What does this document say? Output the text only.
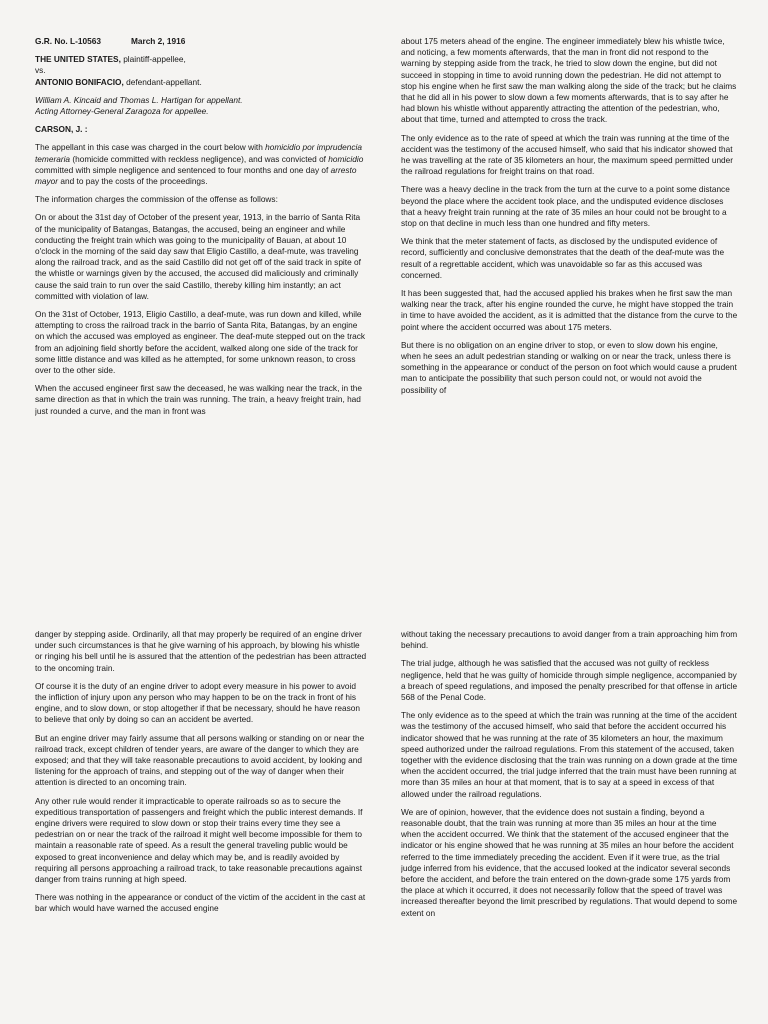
G.R. No. L-10563	March 2, 1916

THE UNITED STATES, plaintiff-appellee,
vs.
ANTONIO BONIFACIO, defendant-appellant.

William A. Kincaid and Thomas L. Hartigan for appellant.
Acting Attorney-General Zaragoza for appellee.

CARSON, J. :

The appellant in this case was charged in the court below with homicidio por imprudencia temeraria (homicide committed with reckless negligence), and was convicted of homicidio committed with simple negligence and sentenced to four months and one day of arresto mayor and to pay the costs of the proceedings.

The information charges the commission of the offense as follows:

On or about the 31st day of October of the present year, 1913, in the barrio of Santa Rita of the municipality of Batangas, Batangas, the accused, being an engineer and while conducting the freight train which was going to the municipality of Bauan, at about 10 o'clock in the morning of the said day saw that Eligio Castillo, a deaf-mute, was traveling along the railroad track, and as the said Castillo did not get off of the said track in spite of the whistle or warnings given by the accused, the accused did maliciously and criminally cause the said train to run over the said Castillo, thereby killing him instantly; an act committed with violation of law.

On the 31st of October, 1913, Eligio Castillo, a deaf-mute, was run down and killed, while attempting to cross the railroad track in the barrio of Santa Rita, Batangas, by an engine on which the accused was employed as engineer. The deaf-mute stepped out on the track from an adjoining field shortly before the accident, walked along one side of the track for some little distance and was killed as he attempted, for some unknown reason, to cross over to the other side.

When the accused engineer first saw the deceased, he was walking near the track, in the same direction as that in which the train was running. The train, a heavy freight train, had just rounded a curve, and the man in front was

about 175 meters ahead of the engine. The engineer immediately blew his whistle twice, and noticing, a few moments afterwards, that the man in front did not respond to the warning by stepping aside from the track, he tried to slow down the engine, but did not succeed in stopping in time to avoid running down the pedestrian. He did not attempt to stop his engine when he first saw the man walking along the side of the track; but he claims that he did all in his power to slow down a few moments afterwards, that is to say after he had blown his whistle without apparently attracting the attention of the pedestrian, who, about that time, turned and attempted to cross the track.

The only evidence as to the rate of speed at which the train was running at the time of the accident was the testimony of the accused himself, who said that his indicator showed that he was travelling at the rate of 35 kilometers an hour, the maximum speed permitted under the railroad regulations for freight trains on that road.

There was a heavy decline in the track from the turn at the curve to a point some distance beyond the place where the accident took place, and the undisputed evidence discloses that a heavy freight train running at the rate of 35 miles an hour could not be brought to a stop on that decline in much less than one hundred and fifty meters.

We think that the meter statement of facts, as disclosed by the undisputed evidence of record, sufficiently and conclusive demonstrates that the death of the deaf-mute was the result of a regrettable accident, which was unavoidable so far as this accused was concerned.

It has been suggested that, had the accused applied his brakes when he first saw the man walking near the track, after his engine rounded the curve, he might have stopped the train in time to have avoided the accident, as it is admitted that the distance from the curve to the point where the accident occurred was about 175 meters.

But there is no obligation on an engine driver to stop, or even to slow down his engine, when he sees an adult pedestrian standing or walking on or near the track, unless there is something in the appearance or conduct of the person on foot which would cause a prudent man to anticipate the possibility that such person could not, or would not avoid the possibility of

danger by stepping aside. Ordinarily, all that may properly be required of an engine driver under such circumstances is that he give warning of his approach, by blowing his whistle or ringing his bell until he is assured that the attention of the pedestrian has been attracted to the oncoming train.

Of course it is the duty of an engine driver to adopt every measure in his power to avoid the infliction of injury upon any person who may happen to be on the track in front of his engine, and to slow down, or stop altogether if that be necessary, should he have reason to believe that only by doing so can an accident be averted.

But an engine driver may fairly assume that all persons walking or standing on or near the railroad track, except children of tender years, are aware of the danger to which they are exposed; and that they will take reasonable precautions to avoid accident, by looking and listening for the approach of trains, and stepping out of the way of danger when their attention is directed to an oncoming train.

Any other rule would render it impracticable to operate railroads so as to secure the expeditious transportation of passengers and freight which the public interest demands. If engine drivers were required to slow down or stop their trains every time they see a pedestrian on or near the track of the railroad it might well become impossible for them to maintain a reasonable rate of speed. As a result the general traveling public would be exposed to great inconvenience and delay which may be, and is readily avoided by requiring all persons approaching a railroad track, to take reasonable precautions against danger from trains running at high speed.

There was nothing in the appearance or conduct of the victim of the accident in the cast at bar which would have warned the accused engine

without taking the necessary precautions to avoid danger from a train approaching him from behind.

The trial judge, although he was satisfied that the accused was not guilty of reckless negligence, held that he was guilty of homicide through simple negligence, accompanied by a breach of speed regulations, and imposed the penalty prescribed for that offense in article 568 of the Penal Code.

The only evidence as to the speed at which the train was running at the time of the accident was the testimony of the accused himself, who said that before the accident occurred his indicator showed that he was running at the rate of 35 kilometers an hour, the maximum speed authorized under the railroad regulations. From this statement of the accused, taken together with the evidence disclosing that the train was running on a down grade at the time when the accident occurred, the trial judge inferred that the train must have been running at more than 35 miles an hour at that moment, that is to say at a speed in excess of that allowed under the railroad regulations.

We are of opinion, however, that the evidence does not sustain a finding, beyond a reasonable doubt, that the train was running at more than 35 miles an hour at the time when the accident occurred. We think that the statement of the accused engineer that the indicator or his engine showed that he was running at 35 miles an hour before the accident referred to the time immediately preceding the accident. Even if it were true, as the trial judge inferred from his evidence, that the accused looked at the indicator several seconds before the accident, and before the train entered on the down-grade some 175 yards from the place at which it occurred, it does not necessarily follow that the speed of travel was increased thereafter beyond the limit prescribed by regulations. That would depend to some extent on
